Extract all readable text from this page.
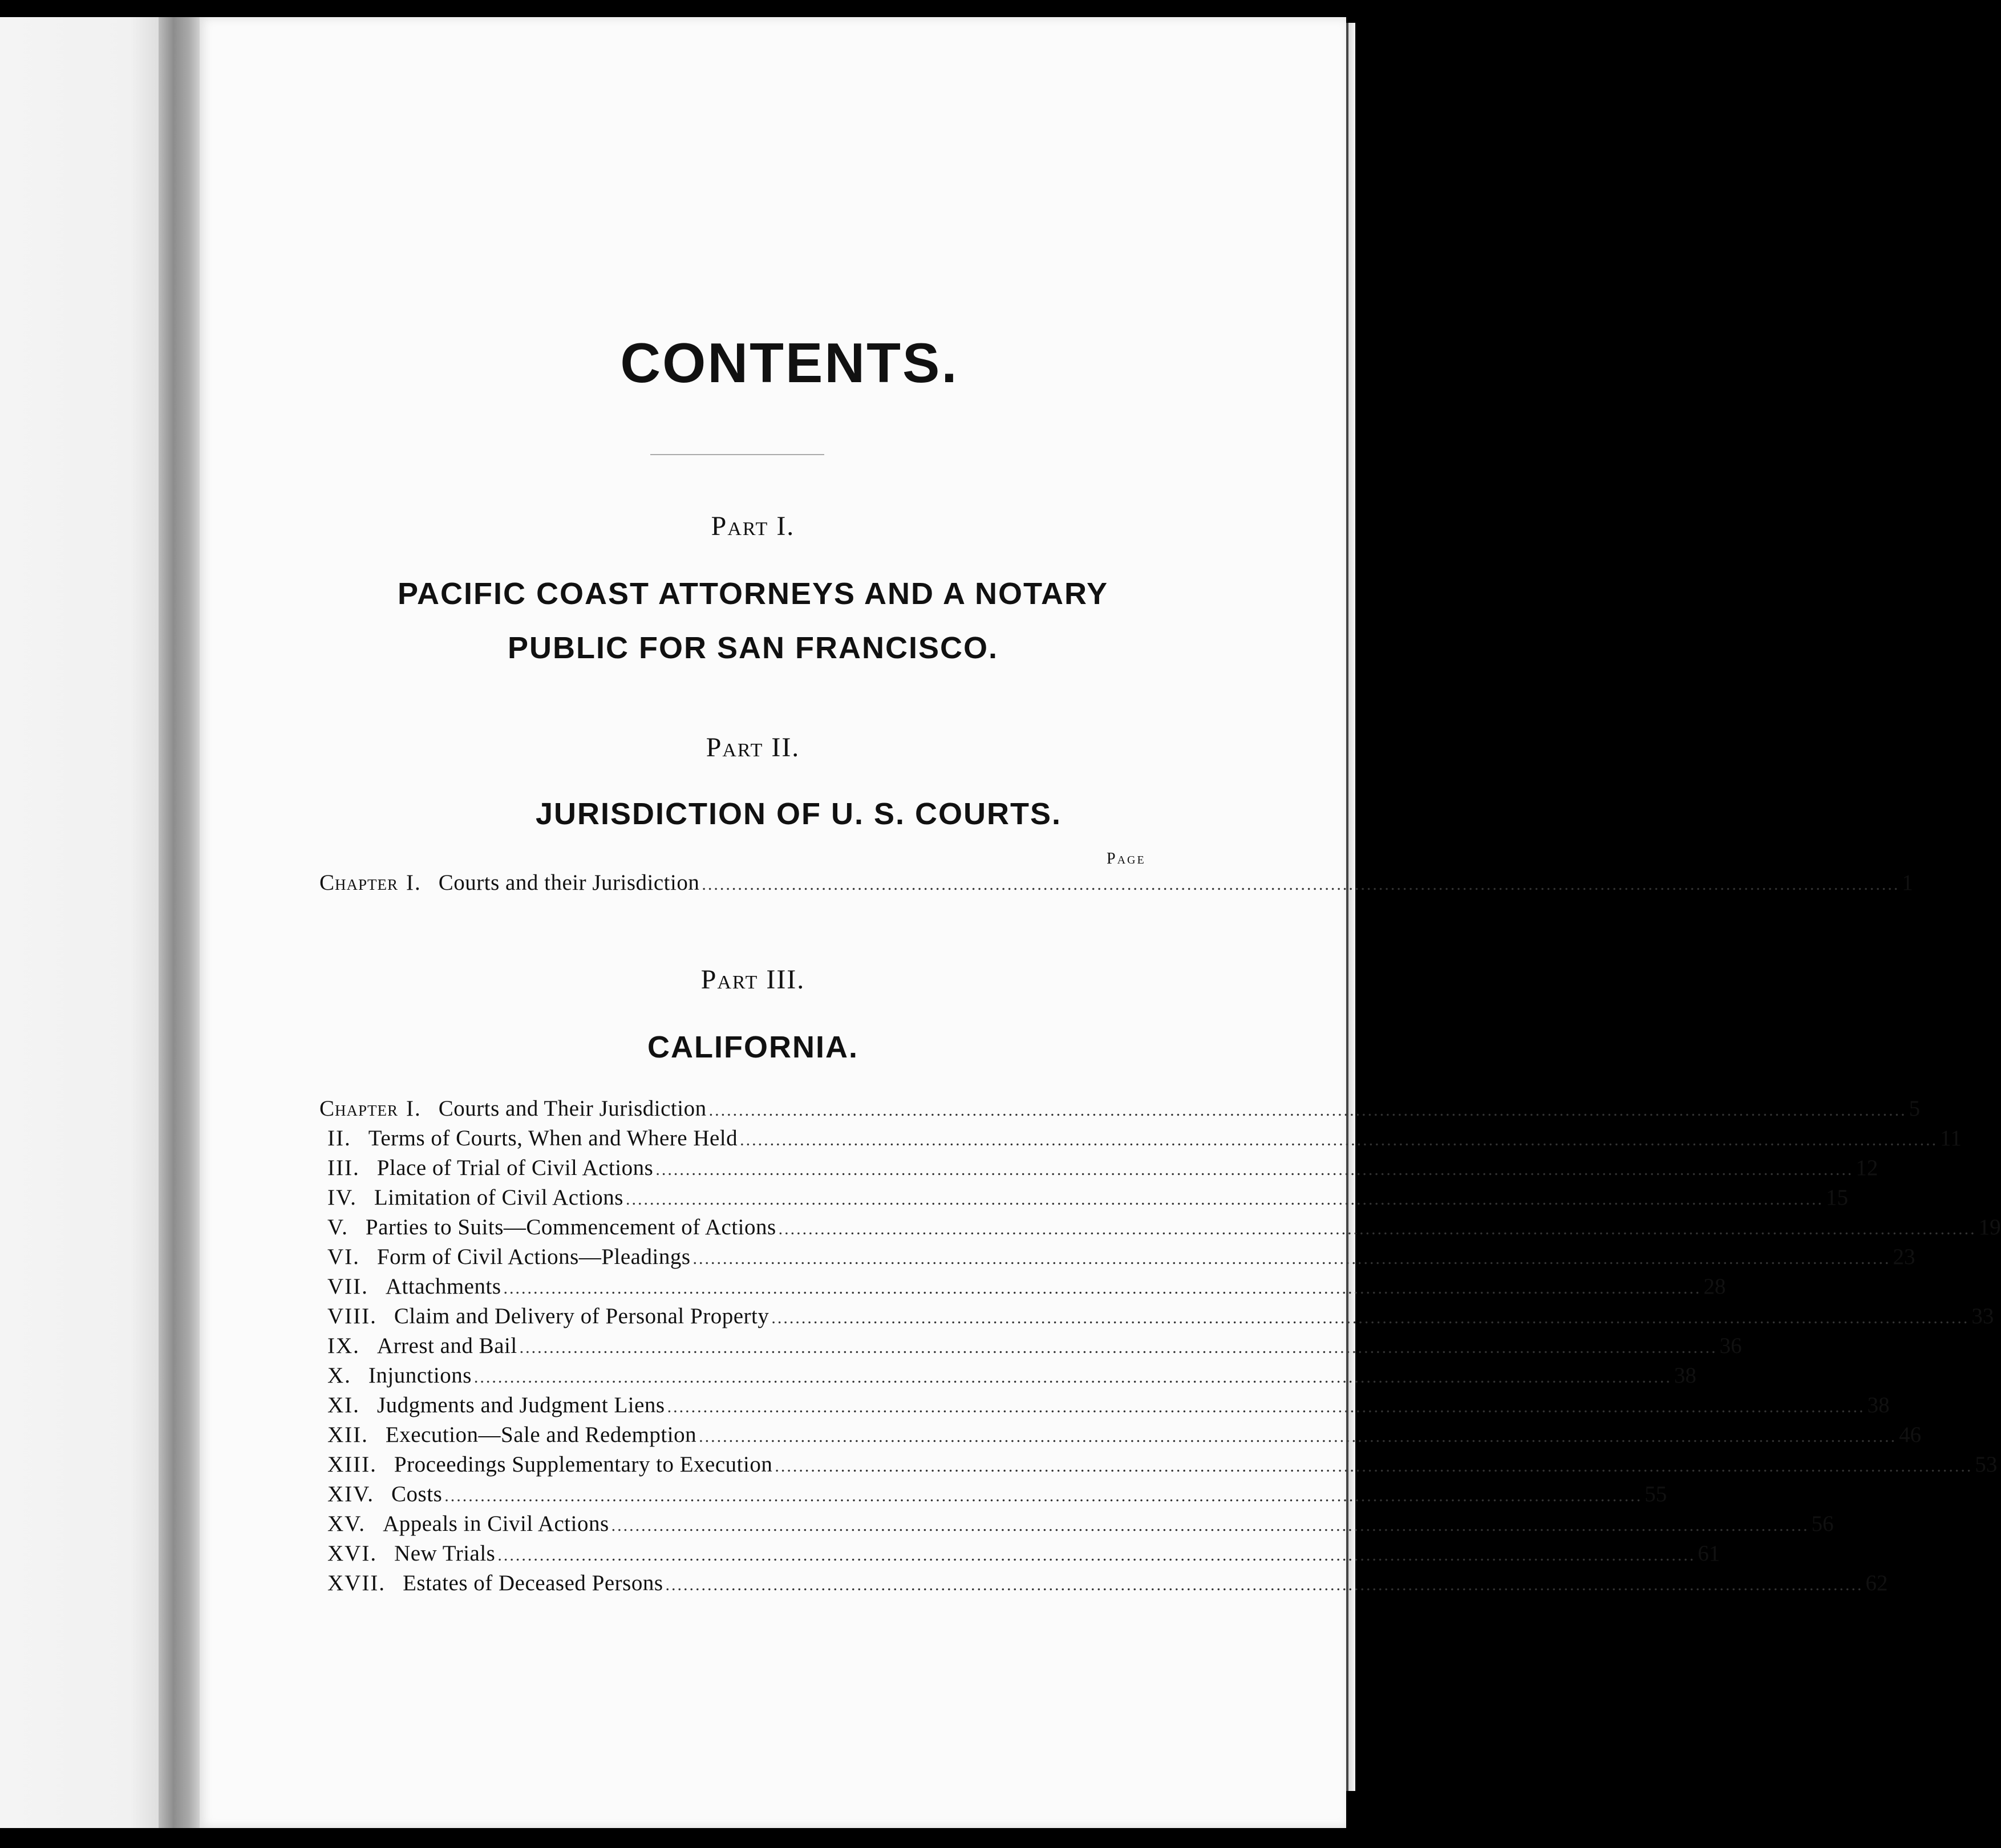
CONTENTS.
Part I.
PACIFIC COAST ATTORNEYS AND A NOTARY
PUBLIC FOR SAN FRANCISCO.
Part II.
JURISDICTION OF U. S. COURTS.
Page
Chapter I. Courts and their Jurisdiction ........................................................................................................................................................................................................ 1
Part III.
CALIFORNIA.
Chapter I. Courts and Their Jurisdiction ........................................................................................................................................................................................................ 5
II. Terms of Courts, When and Where Held ........................................................................................................................................................................................................ 11
III. Place of Trial of Civil Actions ........................................................................................................................................................................................................ 12
IV. Limitation of Civil Actions ........................................................................................................................................................................................................ 15
V. Parties to Suits—Commencement of Actions ........................................................................................................................................................................................................ 19
VI. Form of Civil Actions—Pleadings ........................................................................................................................................................................................................ 23
VII. Attachments ........................................................................................................................................................................................................ 28
VIII. Claim and Delivery of Personal Property ........................................................................................................................................................................................................ 33
IX. Arrest and Bail ........................................................................................................................................................................................................ 36
X. Injunctions ........................................................................................................................................................................................................ 38
XI. Judgments and Judgment Liens ........................................................................................................................................................................................................ 38
XII. Execution—Sale and Redemption ........................................................................................................................................................................................................ 46
XIII. Proceedings Supplementary to Execution ........................................................................................................................................................................................................ 53
XIV. Costs ........................................................................................................................................................................................................ 55
XV. Appeals in Civil Actions ........................................................................................................................................................................................................ 56
XVI. New Trials ........................................................................................................................................................................................................ 61
XVII. Estates of Deceased Persons ........................................................................................................................................................................................................ 62
